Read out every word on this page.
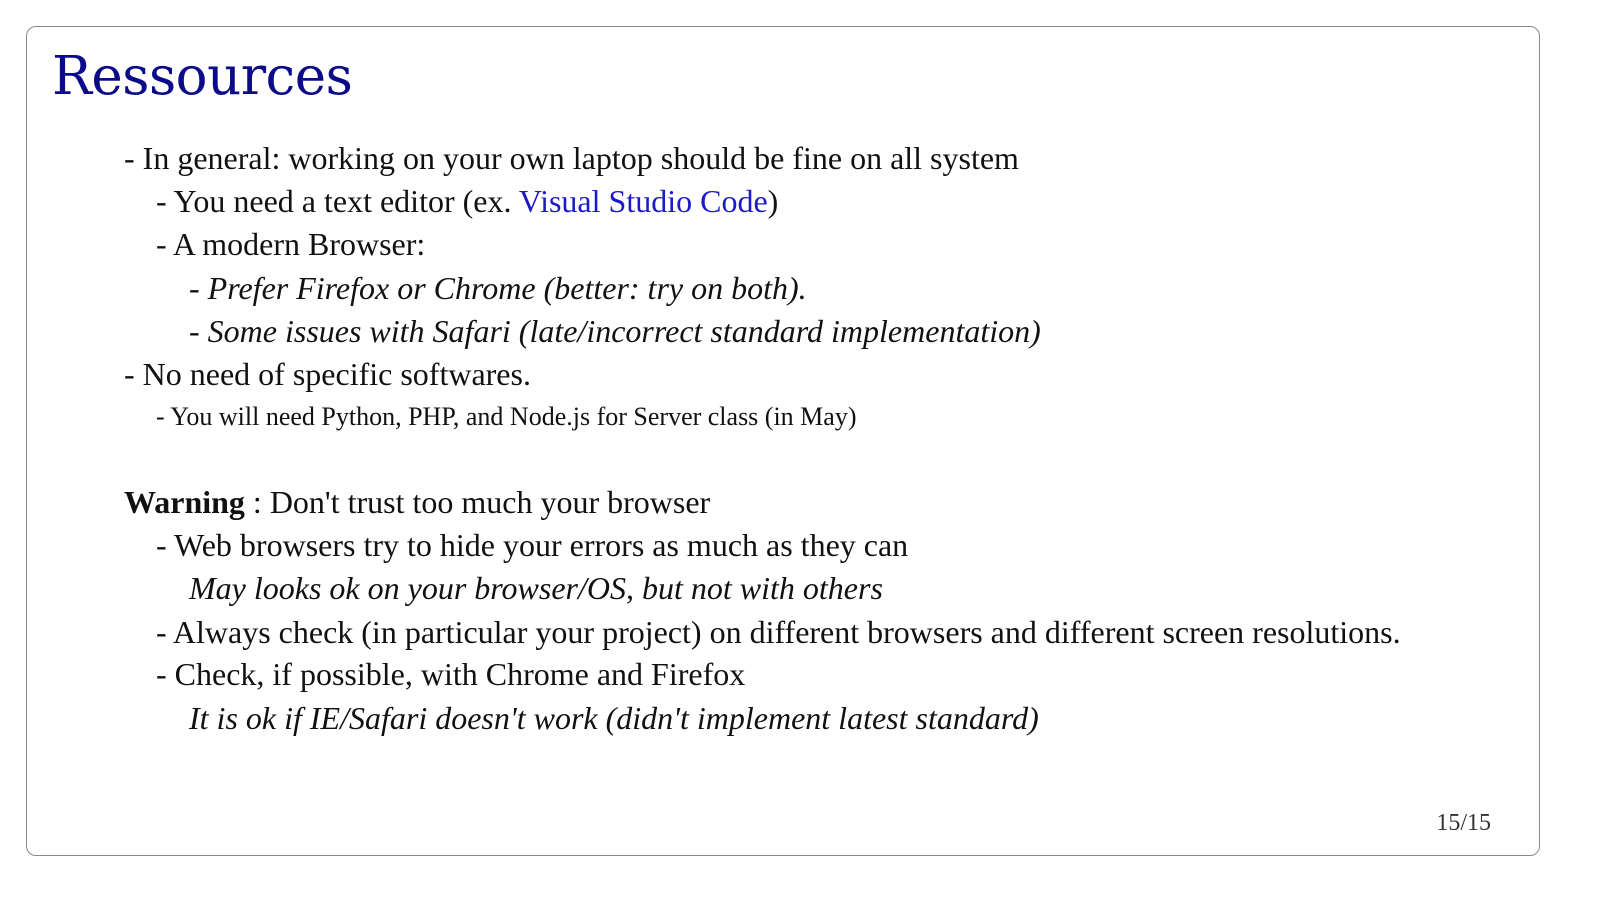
Ressources
- In general: working on your own laptop should be fine on all system
- You need a text editor (ex. Visual Studio Code)
- A modern Browser:
- Prefer Firefox or Chrome (better: try on both).
- Some issues with Safari (late/incorrect standard implementation)
- No need of specific softwares.
- You will need Python, PHP, and Node.js for Server class (in May)
Warning : Don't trust too much your browser
- Web browsers try to hide your errors as much as they can
May looks ok on your browser/OS, but not with others
- Always check (in particular your project) on different browsers and different screen resolutions.
- Check, if possible, with Chrome and Firefox
It is ok if IE/Safari doesn't work (didn't implement latest standard)
15/15
